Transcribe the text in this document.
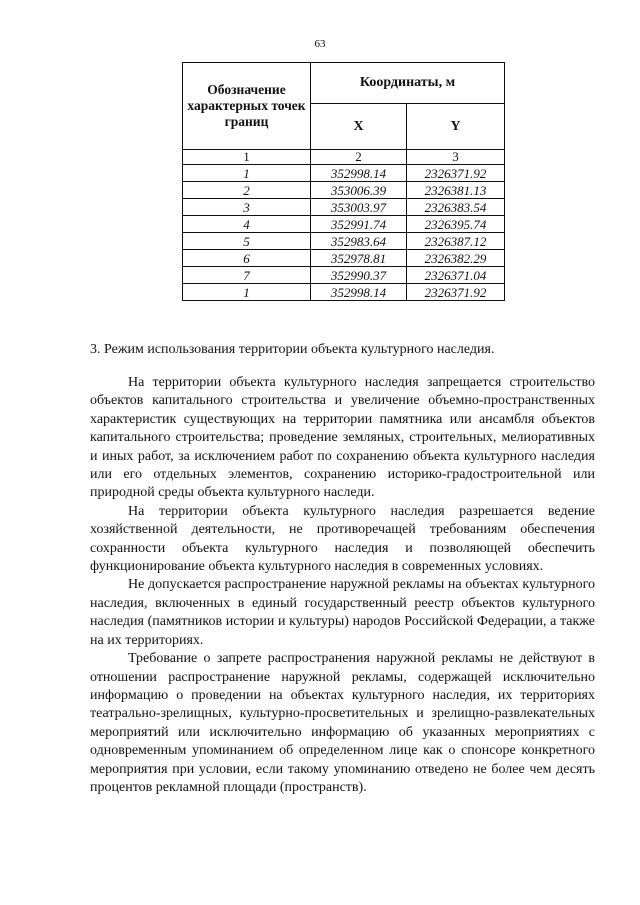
63
Обозначение характерных точек границ	Координаты, м	
	X	Y
1	2	3
1	352998.14	2326371.92
2	353006.39	2326381.13
3	353003.97	2326383.54
4	352991.74	2326395.74
5	352983.64	2326387.12
6	352978.81	2326382.29
7	352990.37	2326371.04
1	352998.14	2326371.92
3. Режим использования территории объекта культурного наследия.

На территории объекта культурного наследия запрещается строительство объектов капитального строительства и увеличение объемно-пространственных характеристик существующих на территории памятника или ансамбля объектов капитального строительства; проведение земляных, строительных, мелиоративных и иных работ, за исключением работ по сохранению объекта культурного наследия или его отдельных элементов, сохранению историко-градостроительной или природной среды объекта культурного наследи.

На территории объекта культурного наследия разрешается ведение хозяйственной деятельности, не противоречащей требованиям обеспечения сохранности объекта культурного наследия и позволяющей обеспечить функционирование объекта культурного наследия в современных условиях.

Не допускается распространение наружной рекламы на объектах культурного наследия, включенных в единый государственный реестр объектов культурного наследия (памятников истории и культуры) народов Российской Федерации, а также на их территориях.

Требование о запрете распространения наружной рекламы не действуют в отношении распространение наружной рекламы, содержащей исключительно информацию о проведении на объектах культурного наследия, их территориях театрально-зрелищных, культурно-просветительных и зрелищно-развлекательных мероприятий или исключительно информацию об указанных мероприятиях с одновременным упоминанием об определенном лице как о спонсоре конкретного мероприятия при условии, если такому упоминанию отведено не более чем десять процентов рекламной площади (пространств).
